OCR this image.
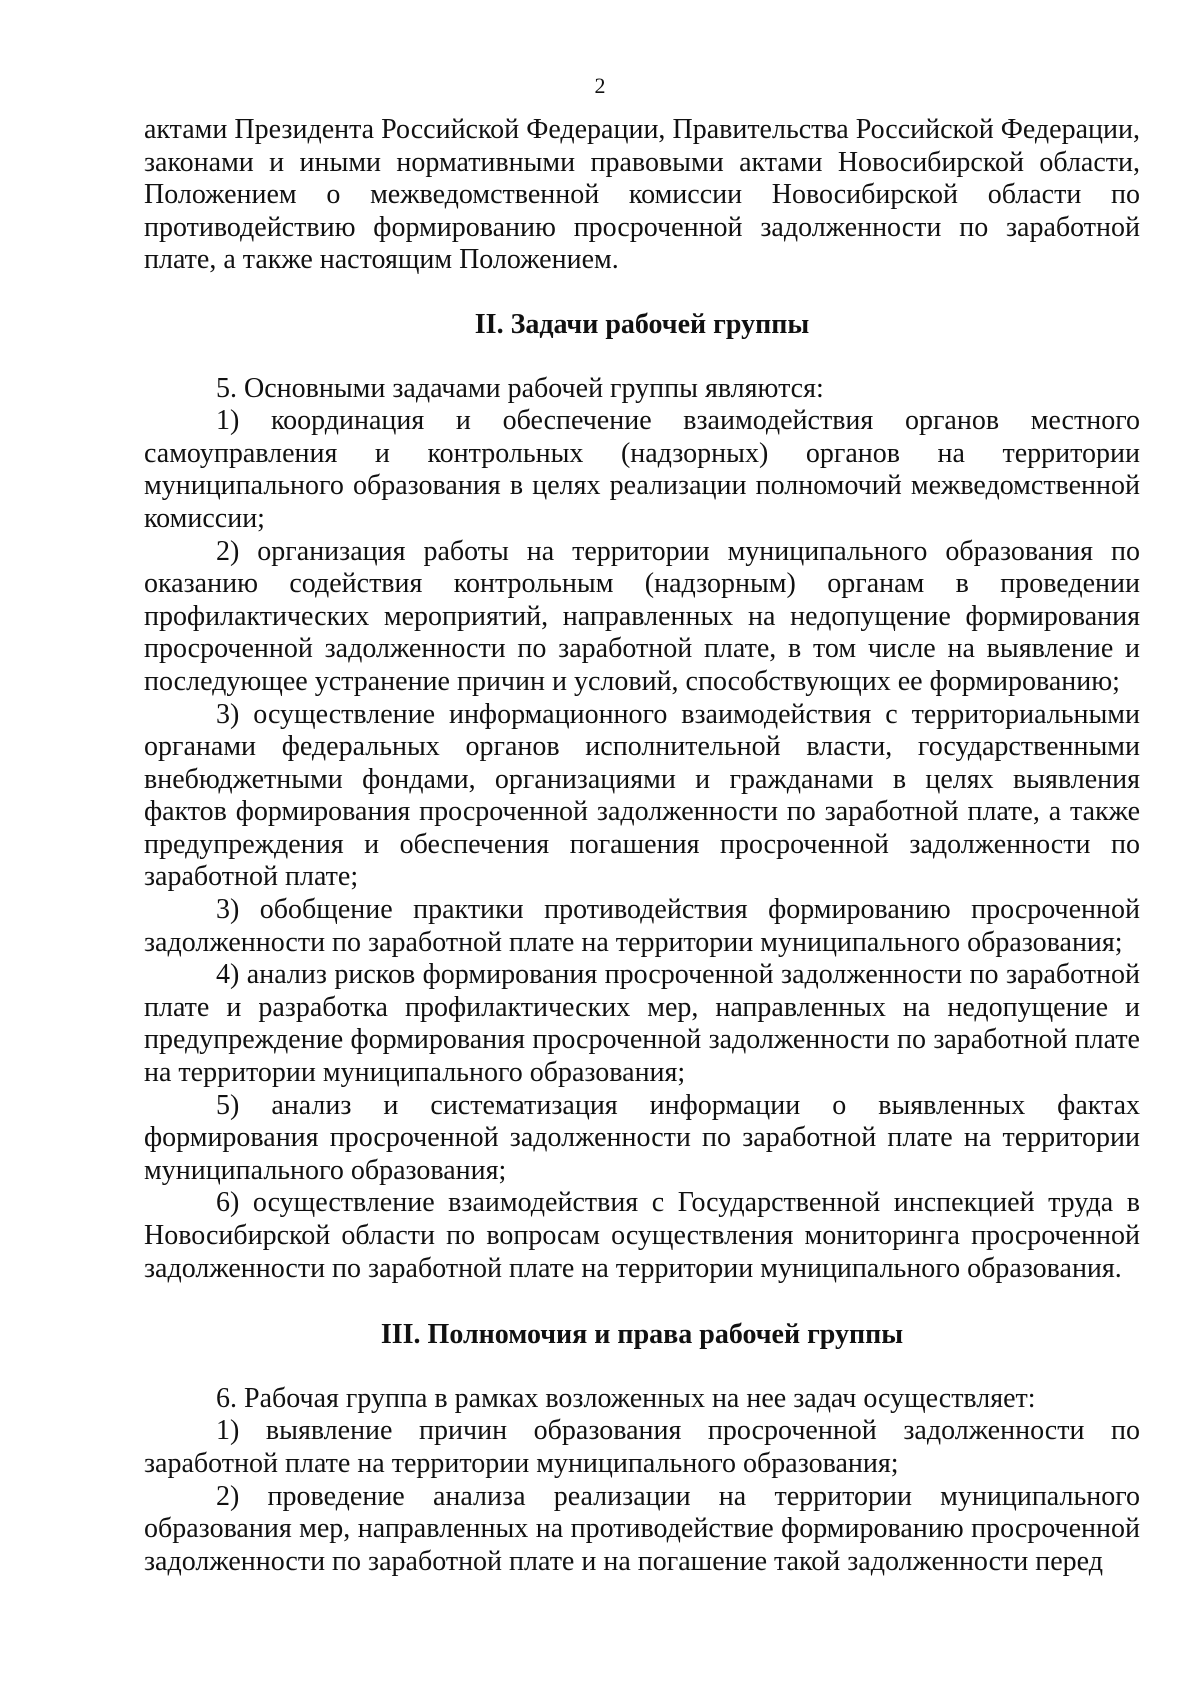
2

актами Президента Российской Федерации, Правительства Российской Федерации, законами и иными нормативными правовыми актами Новосибирской области, Положением о межведомственной комиссии Новосибирской области по противодействию формированию просроченной задолженности по заработной плате, а также настоящим Положением.

II. Задачи рабочей группы

5. Основными задачами рабочей группы являются:

1) координация и обеспечение взаимодействия органов местного самоуправления и контрольных (надзорных) органов на территории муниципального образования в целях реализации полномочий межведомственной комиссии;

2) организация работы на территории муниципального образования по оказанию содействия контрольным (надзорным) органам в проведении профилактических мероприятий, направленных на недопущение формирования просроченной задолженности по заработной плате, в том числе на выявление и последующее устранение причин и условий, способствующих ее формированию;

3) осуществление информационного взаимодействия с территориальными органами федеральных органов исполнительной власти, государственными внебюджетными фондами, организациями и гражданами в целях выявления фактов формирования просроченной задолженности по заработной плате, а также предупреждения и обеспечения погашения просроченной задолженности по заработной плате;

3) обобщение практики противодействия формированию просроченной задолженности по заработной плате на территории муниципального образования;

4) анализ рисков формирования просроченной задолженности по заработной плате и разработка профилактических мер, направленных на недопущение и предупреждение формирования просроченной задолженности по заработной плате на территории муниципального образования;

5) анализ и систематизация информации о выявленных фактах формирования просроченной задолженности по заработной плате на территории муниципального образования;

6) осуществление взаимодействия с Государственной инспекцией труда в Новосибирской области по вопросам осуществления мониторинга просроченной задолженности по заработной плате на территории муниципального образования.

III. Полномочия и права рабочей группы

6. Рабочая группа в рамках возложенных на нее задач осуществляет:

1) выявление причин образования просроченной задолженности по заработной плате на территории муниципального образования;

2) проведение анализа реализации на территории муниципального образования мер, направленных на противодействие формированию просроченной задолженности по заработной плате и на погашение такой задолженности перед
